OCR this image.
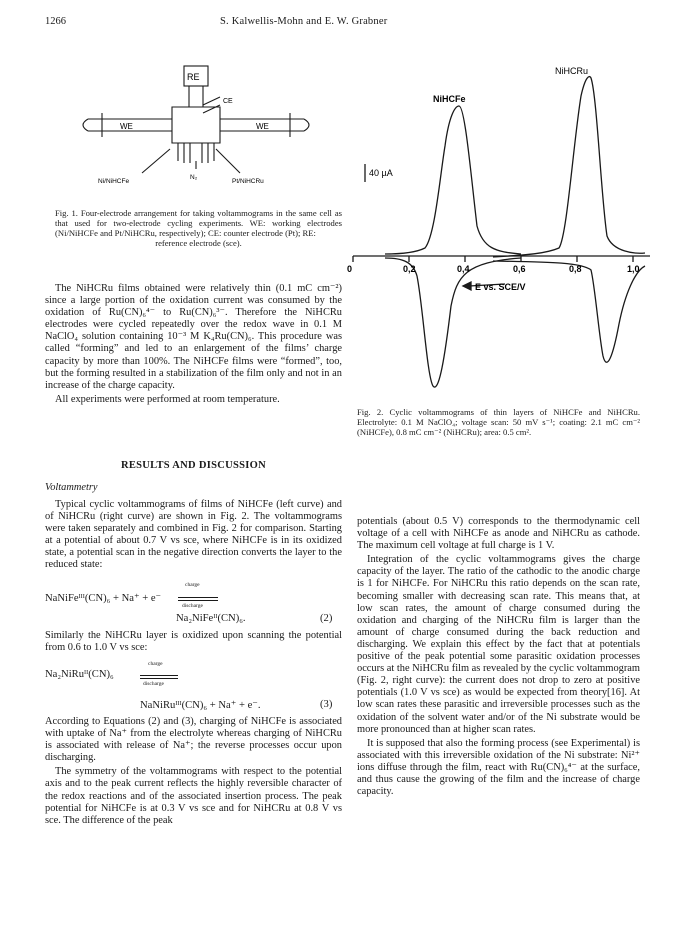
1266	S. Kalwellis-Mohn and E. W. Grabner
RE
CE
WE	WE
Ni/NiHCFe
N₂
Pt/NiHCRu
Fig. 1. Four-electrode arrangement for taking voltammograms in the same cell as that used for two-electrode cycling experiments. WE: working electrodes (Ni/NiHCFe and Pt/NiHCRu, respectively); CE: counter electrode (Pt); RE:
reference electrode (sce).
NiHCFe
NiHCRu
40 µA
E vs. SCE/V
0	0,2	0,4	0,6	0,8	1,0
Fig. 2. Cyclic voltammograms of thin layers of NiHCFe and NiHCRu. Electrolyte: 0.1 M NaClO₄; voltage scan: 50 mV s⁻¹; coating: 2.1 mC cm⁻² (NiHCFe), 0.8 mC cm⁻² (NiHCRu); area: 0.5 cm².

The NiHCRu films obtained were relatively thin (0.1 mC cm⁻²) since a large portion of the oxidation current was consumed by the oxidation of Ru(CN)₆⁴⁻ to Ru(CN)₆³⁻. Therefore the NiHCRu electrodes were cycled repeatedly over the redox wave in 0.1 M NaClO₄ solution containing 10⁻³ M K₄Ru(CN)₆. This procedure was called “forming” and led to an enlargement of the films’ charge capacity by more than 100%. The NiHCFe films were “formed”, too, but the forming resulted in a stabilization of the film only and not in an increase of the charge capacity.

All experiments were performed at room temperature.

RESULTS AND DISCUSSION
Voltammetry

Typical cyclic voltammograms of films of NiHCFe (left curve) and of NiHCRu (right curve) are shown in Fig. 2. The voltammograms were taken separately and combined in Fig. 2 for comparison. Starting at a potential of about 0.7 V vs sce, where NiHCFe is in its oxidized state, a potential scan in the negative direction converts the layer to the reduced state:

NaNiFeᴵᴵᴵ(CN)₆ + Na⁺ + e⁻
charge
discharge
Na₂NiFeᴵᴵ(CN)₆.	(2)

Similarly the NiHCRu layer is oxidized upon scanning the potential from 0.6 to 1.0 V vs sce:

Na₂NiRuᴵᴵ(CN)₆
charge
discharge
NaNiRuᴵᴵᴵ(CN)₆ + Na⁺ + e⁻.	(3)

According to Equations (2) and (3), charging of NiHCFe is associated with uptake of Na⁺ from the electrolyte whereas charging of NiHCRu is associated with release of Na⁺; the reverse processes occur upon discharging.

The symmetry of the voltammograms with respect to the potential axis and to the peak current reflects the highly reversible character of the redox reactions and of the associated insertion process. The peak potential for NiHCFe is at 0.3 V vs sce and for NiHCRu at 0.8 V vs sce. The difference of the peak

potentials (about 0.5 V) corresponds to the thermodynamic cell voltage of a cell with NiHCFe as anode and NiHCRu as cathode. The maximum cell voltage at full charge is 1 V.

Integration of the cyclic voltammograms gives the charge capacity of the layer. The ratio of the cathodic to the anodic charge is 1 for NiHCFe. For NiHCRu this ratio depends on the scan rate, becoming smaller with decreasing scan rate. This means that, at low scan rates, the amount of charge consumed during the oxidation and charging of the NiHCRu film is larger than the amount of charge consumed during the back reduction and discharging. We explain this effect by the fact that at potentials positive of the peak potential some parasitic oxidation processes occurs at the NiHCRu film as revealed by the cyclic voltammogram (Fig. 2, right curve): the current does not drop to zero at positive potentials (1.0 V vs sce) as would be expected from theory[16]. At low scan rates these parasitic and irreversible processes such as the oxidation of the solvent water and/or of the Ni substrate would be more pronounced than at higher scan rates.

It is supposed that also the forming process (see Experimental) is associated with this irreversible oxidation of the Ni substrate: Ni²⁺ ions diffuse through the film, react with Ru(CN)₆⁴⁻ at the surface, and thus cause the growing of the film and the increase of charge capacity.
